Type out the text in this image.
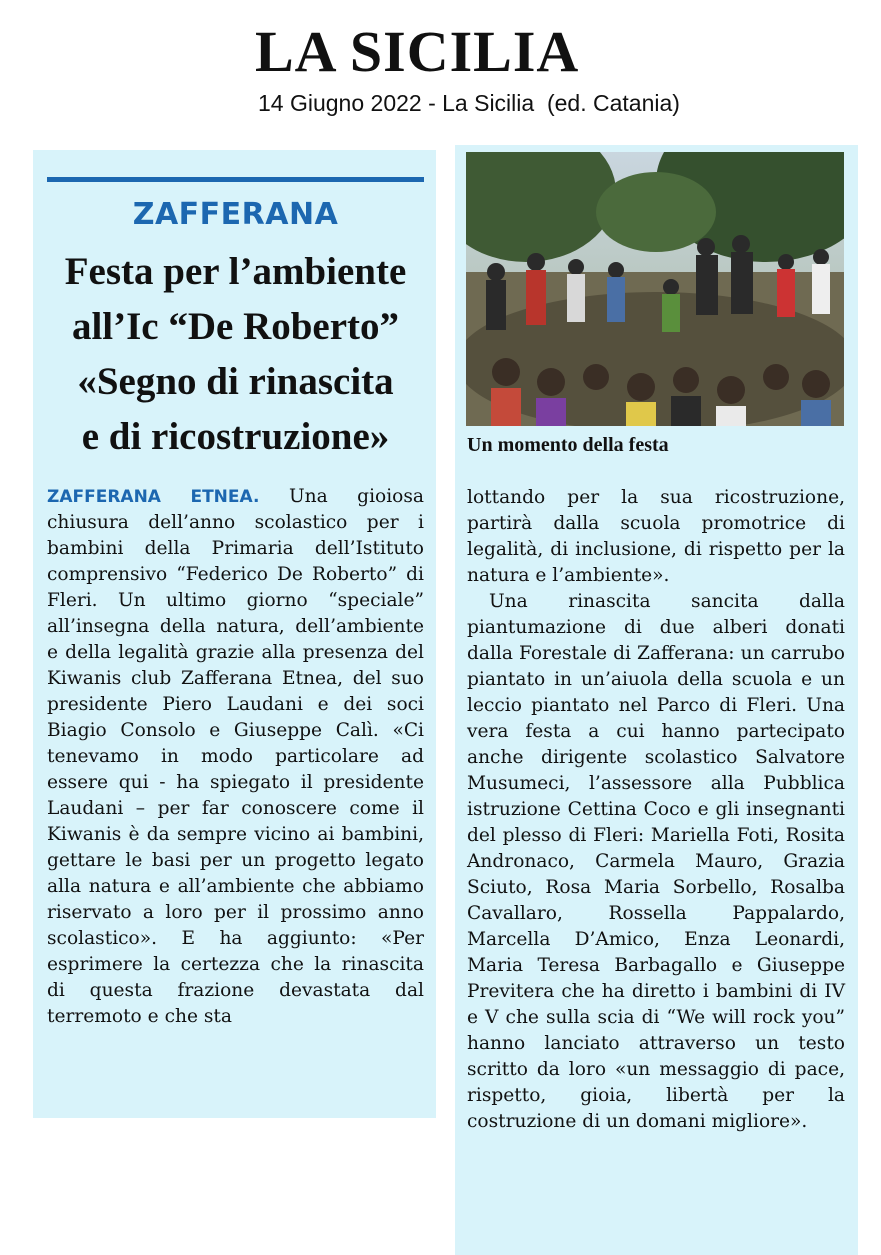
LA SICILIA
14 Giugno 2022 - La Sicilia  (ed. Catania)
ZAFFERANA
Festa per l’ambiente
all’Ic “De Roberto”
«Segno di rinascita
e di ricostruzione»

ZAFFERANA ETNEA. Una gioiosa chiusura dell’anno scolastico per i bambini della Primaria dell’Istituto comprensivo “Federico De Roberto” di Fleri. Un ultimo giorno “speciale” all’insegna della natura, dell’ambiente e della legalità grazie alla presenza del Kiwanis club Zafferana Etnea, del suo presidente Piero Laudani e dei soci Biagio Consolo e Giuseppe Calì. «Ci tenevamo in modo particolare ad essere qui - ha spiegato il presidente Laudani – per far conoscere come il Kiwanis è da sempre vicino ai bambini, gettare le basi per un progetto legato alla natura e all’ambiente che abbiamo riservato a loro per il prossimo anno scolastico». E ha aggiunto: «Per esprimere la certezza che la rinascita di questa frazione devastata dal terremoto e che sta

Un momento della festa

lottando per la sua ricostruzione, partirà dalla scuola promotrice di legalità, di inclusione, di rispetto per la natura e l’ambiente».

Una rinascita sancita dalla piantumazione di due alberi donati dalla Forestale di Zafferana: un carrubo piantato in un’aiuola della scuola e un leccio piantato nel Parco di Fleri. Una vera festa a cui hanno partecipato anche dirigente scolastico Salvatore Musumeci, l’assessore alla Pubblica istruzione Cettina Coco e gli insegnanti del plesso di Fleri: Mariella Foti, Rosita Andronaco, Carmela Mauro, Grazia Sciuto, Rosa Maria Sorbello, Rosalba Cavallaro, Rossella Pappalardo, Marcella D’Amico, Enza Leonardi, Maria Teresa Barbagallo e Giuseppe Previtera che ha diretto i bambini di IV e V che sulla scia di “We will rock you” hanno lanciato attraverso un testo scritto da loro «un messaggio di pace, rispetto, gioia, libertà per la costruzione di un domani migliore».
